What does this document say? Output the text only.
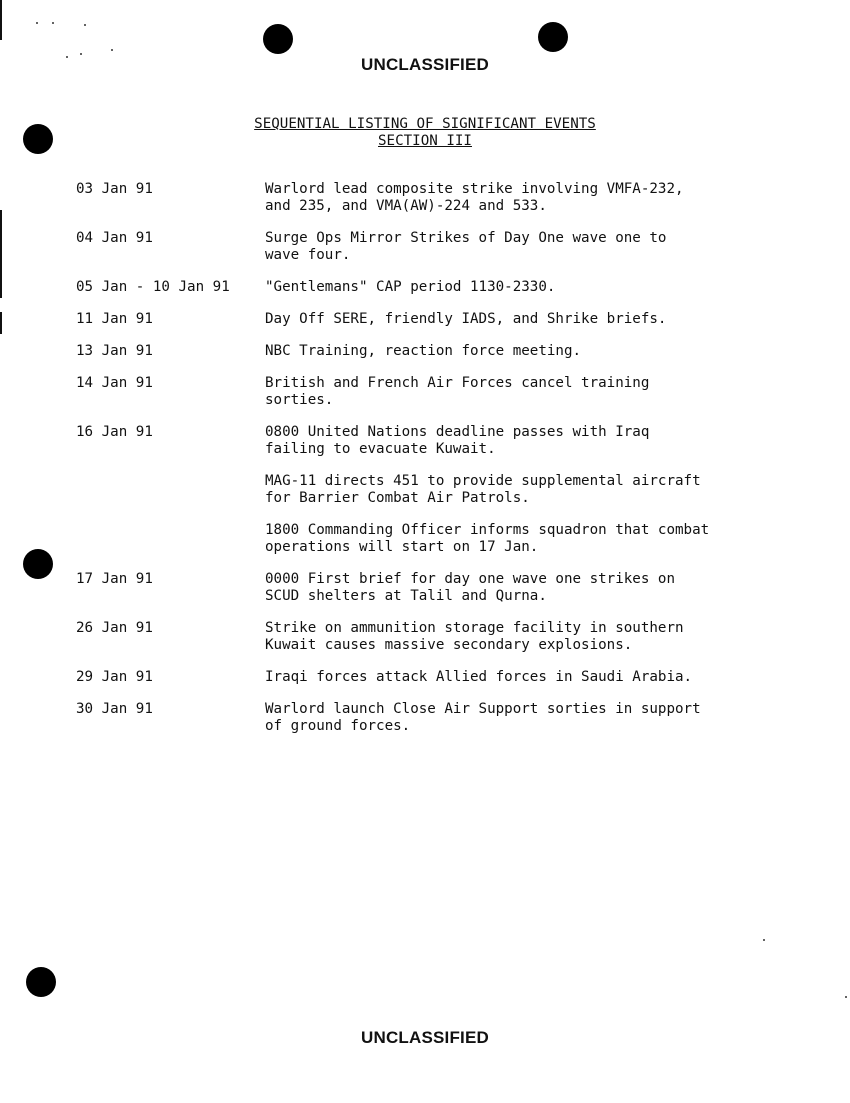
UNCLASSIFIED
SEQUENTIAL LISTING OF SIGNIFICANT EVENTS
SECTION III
03 Jan 91	Warlord lead composite strike involving VMFA-232,
and 235, and VMA(AW)-224 and 533.
04 Jan 91	Surge Ops Mirror Strikes of Day One wave one to
wave four.
05 Jan - 10 Jan 91 "Gentlemans" CAP period 1130-2330.
11 Jan 91	Day Off SERE, friendly IADS, and Shrike briefs.
13 Jan 91	NBC Training, reaction force meeting.
14 Jan 91	British and French Air Forces cancel training
sorties.
16 Jan 91	0800 United Nations deadline passes with Iraq
failing to evacuate Kuwait.
MAG-11 directs 451 to provide supplemental aircraft
for Barrier Combat Air Patrols.
1800 Commanding Officer informs squadron that combat
operations will start on 17 Jan.
17 Jan 91	0000 First brief for day one wave one strikes on
SCUD shelters at Talil and Qurna.
26 Jan 91	Strike on ammunition storage facility in southern
Kuwait causes massive secondary explosions.
29 Jan 91	Iraqi forces attack Allied forces in Saudi Arabia.
30 Jan 91	Warlord launch Close Air Support sorties in support
of ground forces.
UNCLASSIFIED
